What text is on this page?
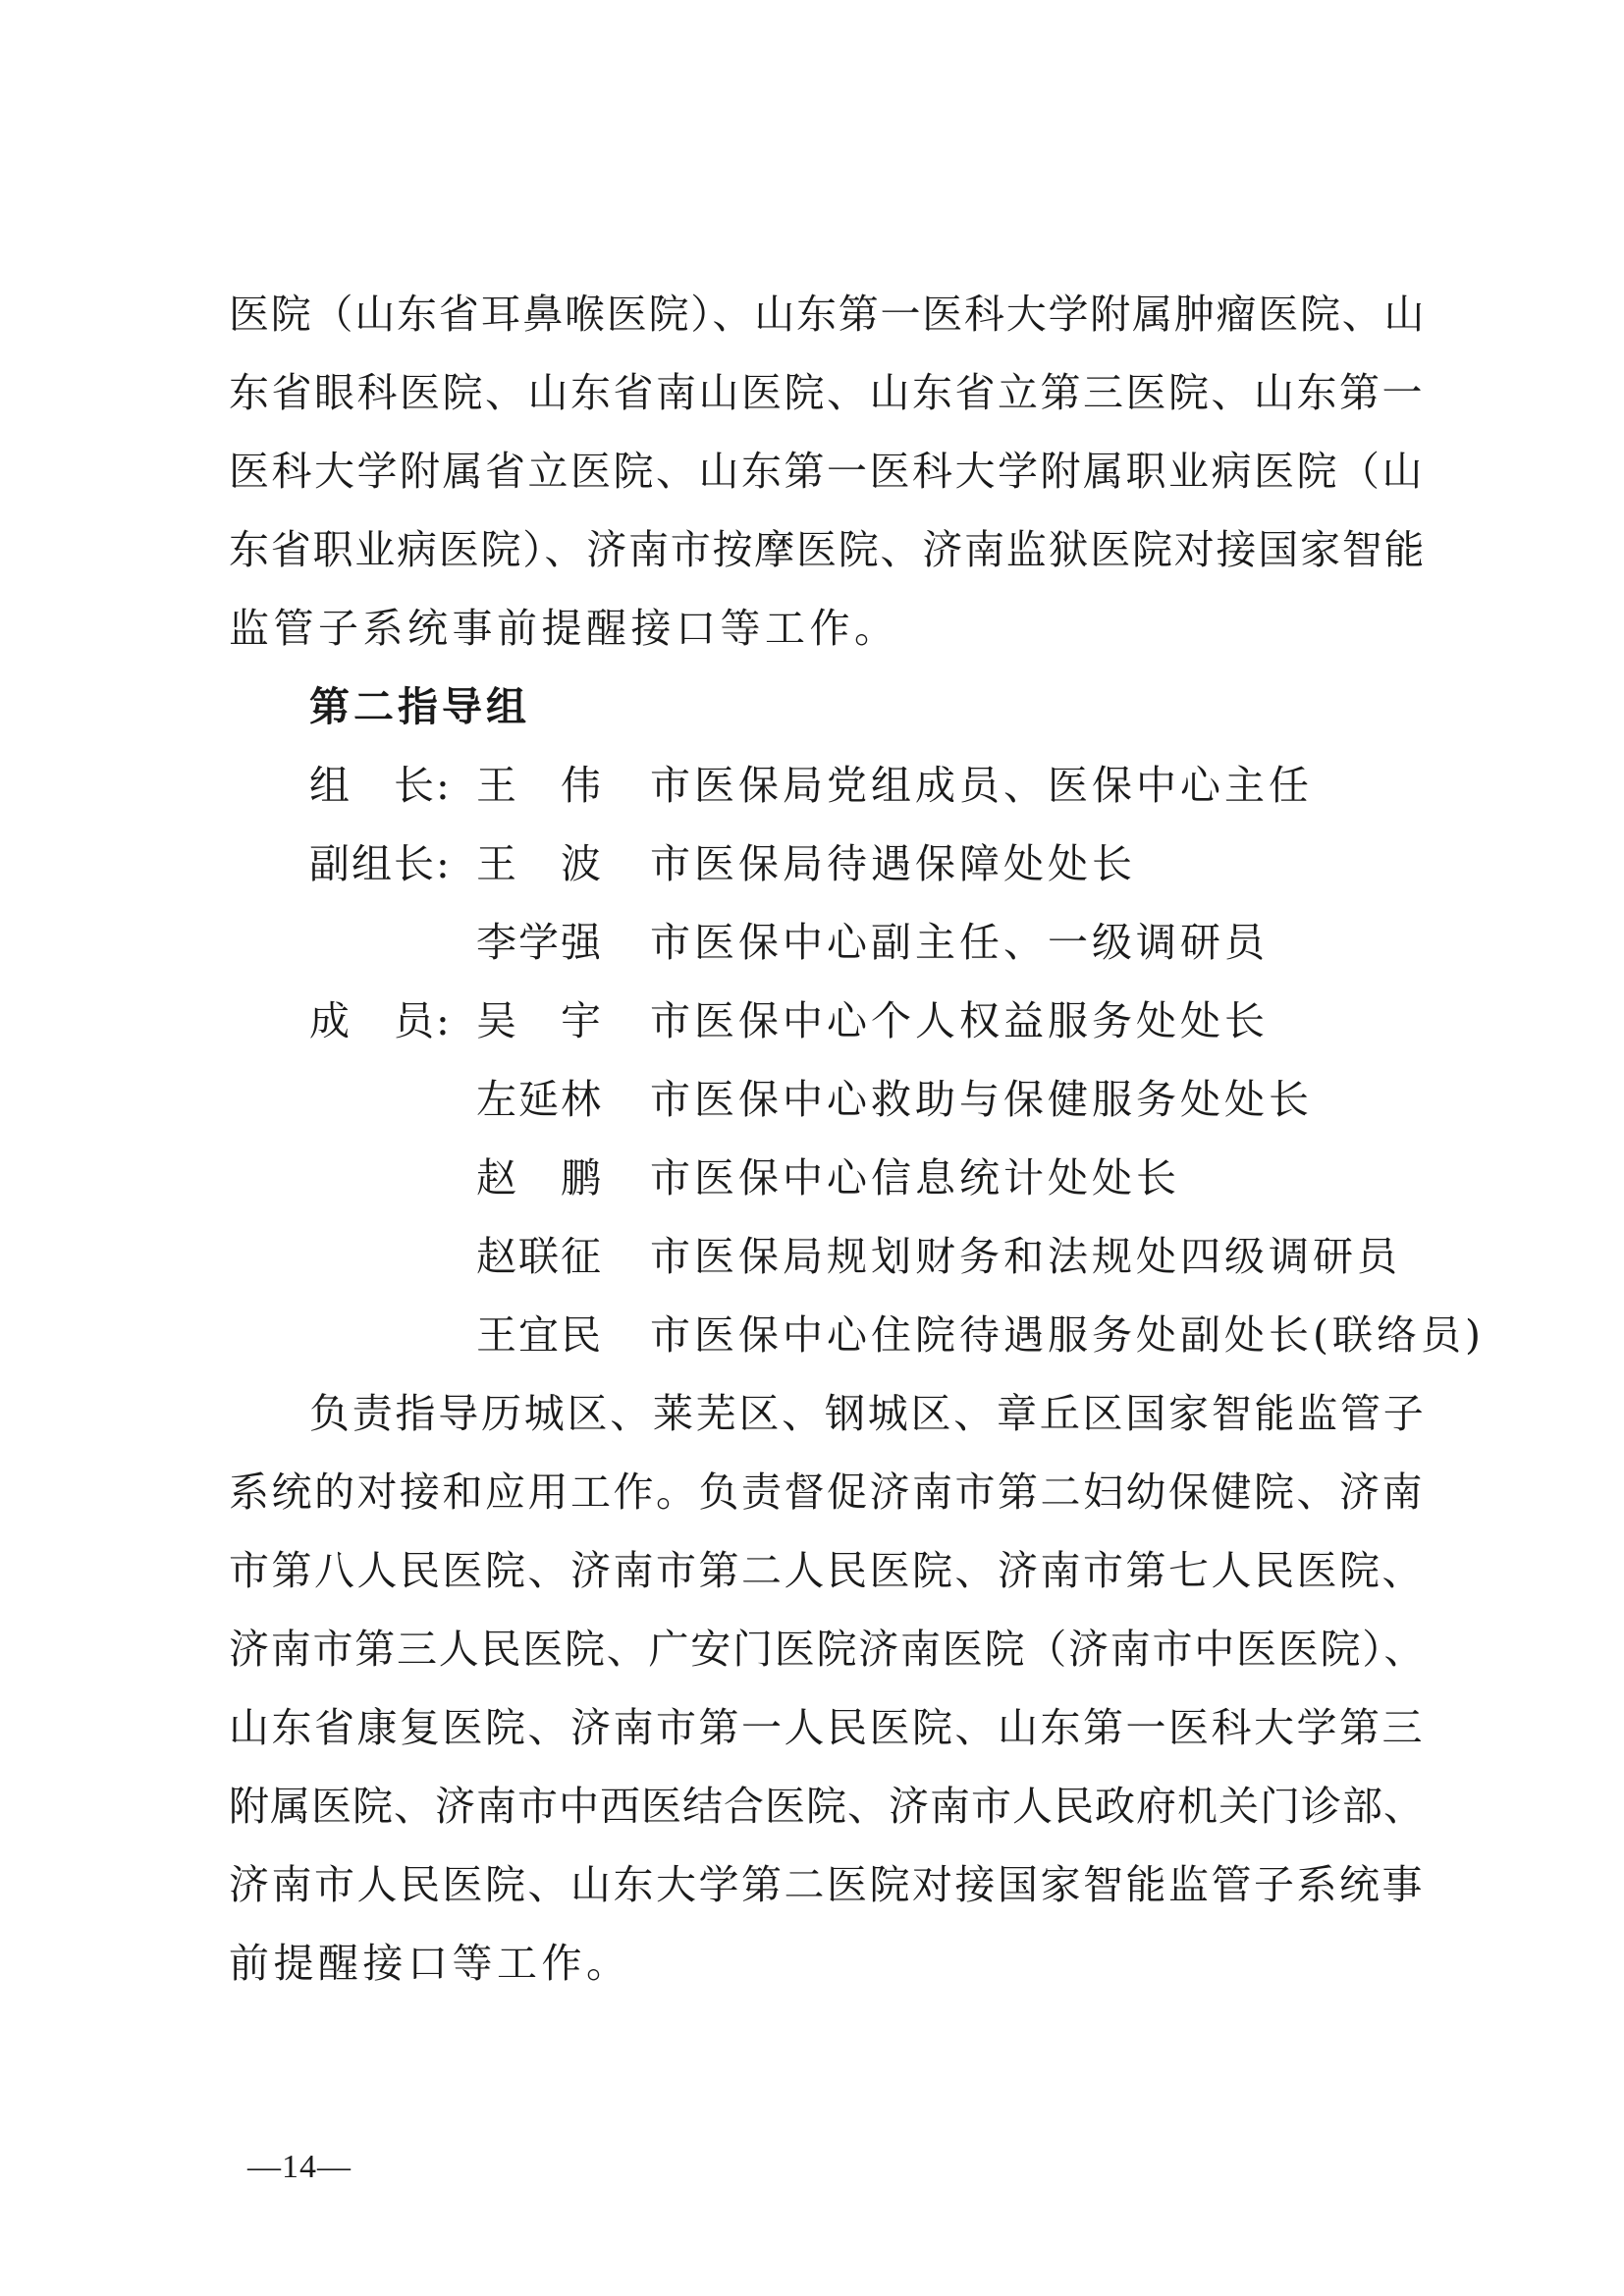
医院（山东省耳鼻喉医院）、山东第一医科大学附属肿瘤医院、山
东省眼科医院、山东省南山医院、山东省立第三医院、山东第一
医科大学附属省立医院、山东第一医科大学附属职业病医院（山
东省职业病医院）、济南市按摩医院、济南监狱医院对接国家智能
监管子系统事前提醒接口等工作。
第二指导组
组　长: 王　伟	市医保局党组成员、医保中心主任
副组长: 王　波	市医保局待遇保障处处长
李学强	市医保中心副主任、一级调研员
成　员: 吴　宇	市医保中心个人权益服务处处长
左延林	市医保中心救助与保健服务处处长
赵　鹏	市医保中心信息统计处处长
赵联征	市医保局规划财务和法规处四级调研员
王宜民	市医保中心住院待遇服务处副处长(联络员)
负责指导历城区、莱芜区、钢城区、章丘区国家智能监管子
系统的对接和应用工作。负责督促济南市第二妇幼保健院、济南
市第八人民医院、济南市第二人民医院、济南市第七人民医院、
济南市第三人民医院、广安门医院济南医院（济南市中医医院）、
山东省康复医院、济南市第一人民医院、山东第一医科大学第三
附属医院、济南市中西医结合医院、济南市人民政府机关门诊部、
济南市人民医院、山东大学第二医院对接国家智能监管子系统事
前提醒接口等工作。
—14—
